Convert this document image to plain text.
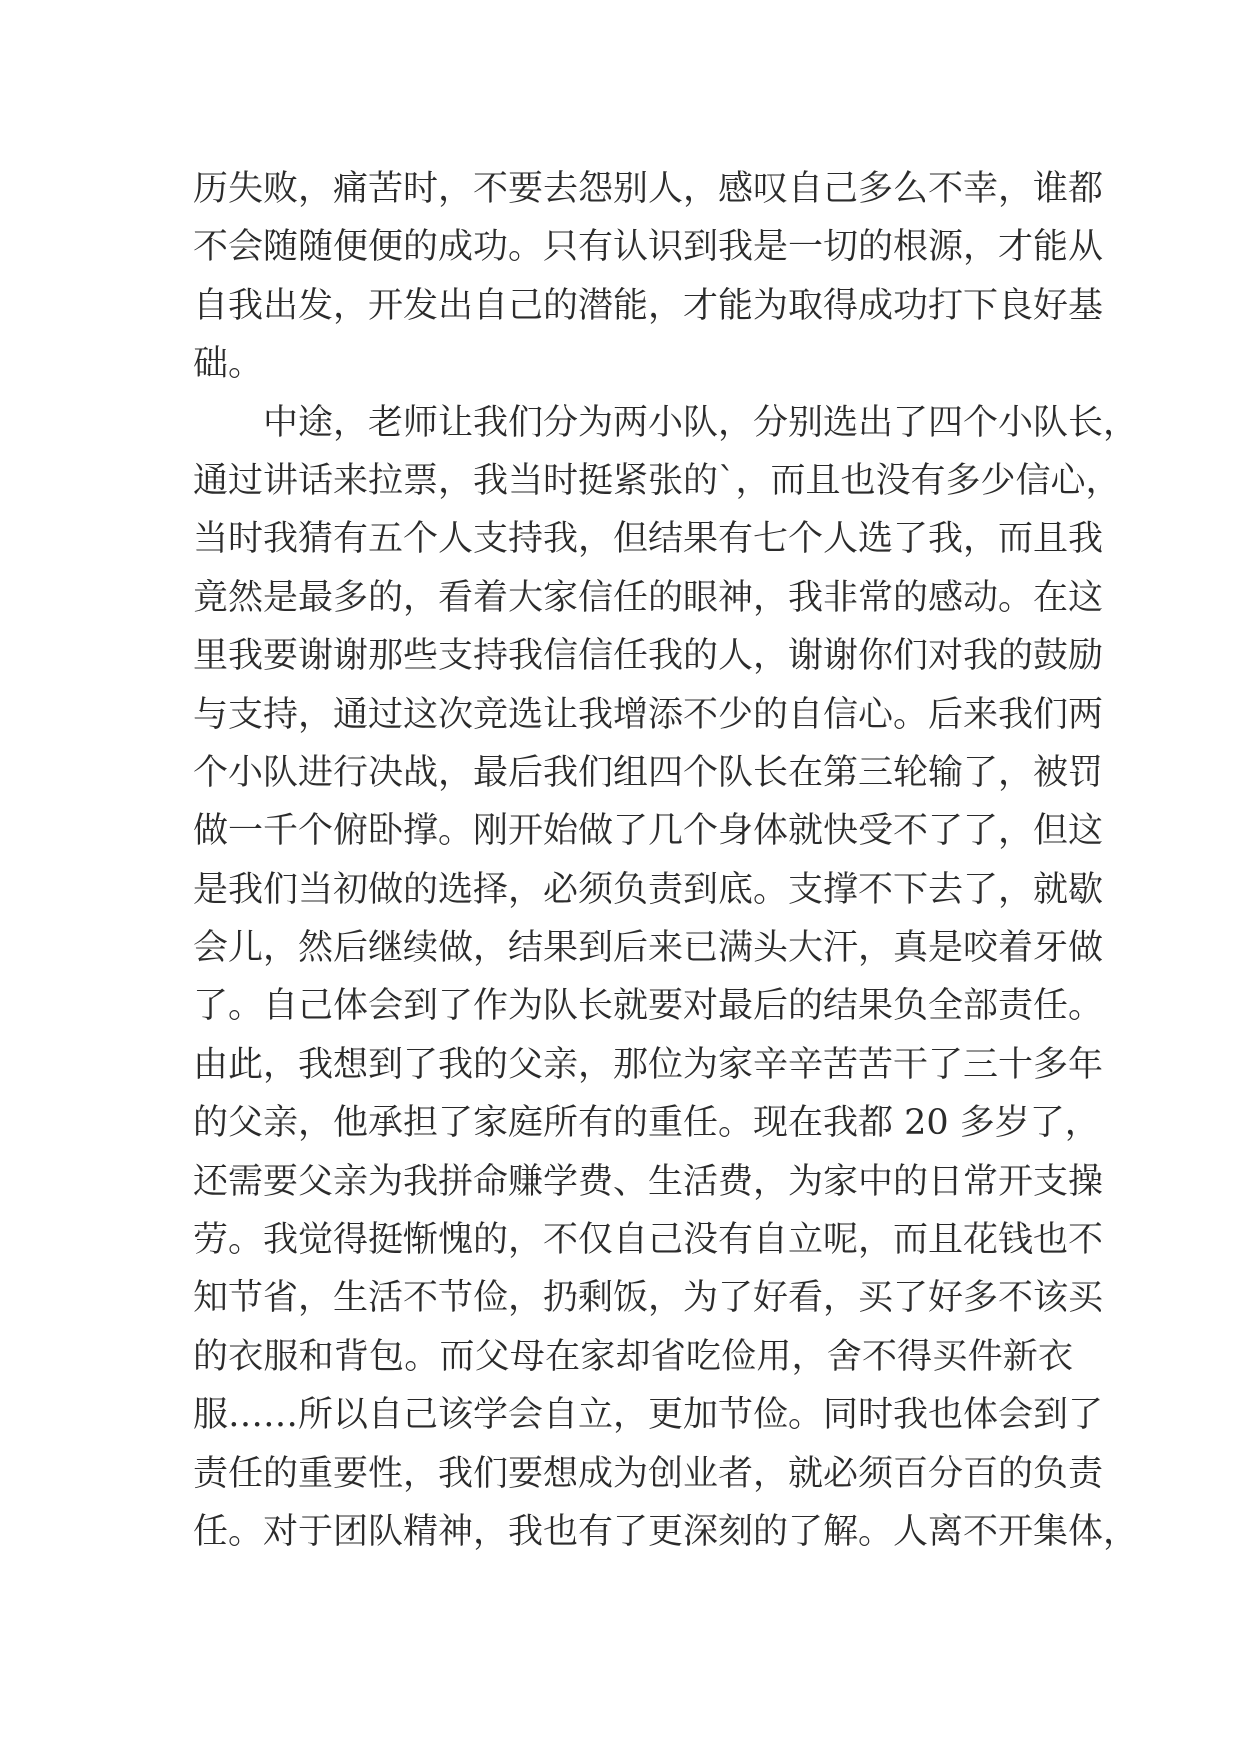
历失败，痛苦时，不要去怨别人，感叹自己多么不幸，谁都
不会随随便便的成功。只有认识到我是一切的根源，才能从
自我出发，开发出自己的潜能，才能为取得成功打下良好基
础。
中途，老师让我们分为两小队，分别选出了四个小队长，
通过讲话来拉票，我当时挺紧张的`，而且也没有多少信心，
当时我猜有五个人支持我，但结果有七个人选了我，而且我
竟然是最多的，看着大家信任的眼神，我非常的感动。在这
里我要谢谢那些支持我信信任我的人，谢谢你们对我的鼓励
与支持，通过这次竞选让我增添不少的自信心。后来我们两
个小队进行决战，最后我们组四个队长在第三轮输了，被罚
做一千个俯卧撑。刚开始做了几个身体就快受不了了，但这
是我们当初做的选择，必须负责到底。支撑不下去了，就歇
会儿，然后继续做，结果到后来已满头大汗，真是咬着牙做
了。自己体会到了作为队长就要对最后的结果负全部责任。
由此，我想到了我的父亲，那位为家辛辛苦苦干了三十多年
的父亲，他承担了家庭所有的重任。现在我都 20 多岁了，
还需要父亲为我拼命赚学费、生活费，为家中的日常开支操
劳。我觉得挺惭愧的，不仅自己没有自立呢，而且花钱也不
知节省，生活不节俭，扔剩饭，为了好看，买了好多不该买
的衣服和背包。而父母在家却省吃俭用，舍不得买件新衣
服……所以自己该学会自立，更加节俭。同时我也体会到了
责任的重要性，我们要想成为创业者，就必须百分百的负责
任。对于团队精神，我也有了更深刻的了解。人离不开集体，
